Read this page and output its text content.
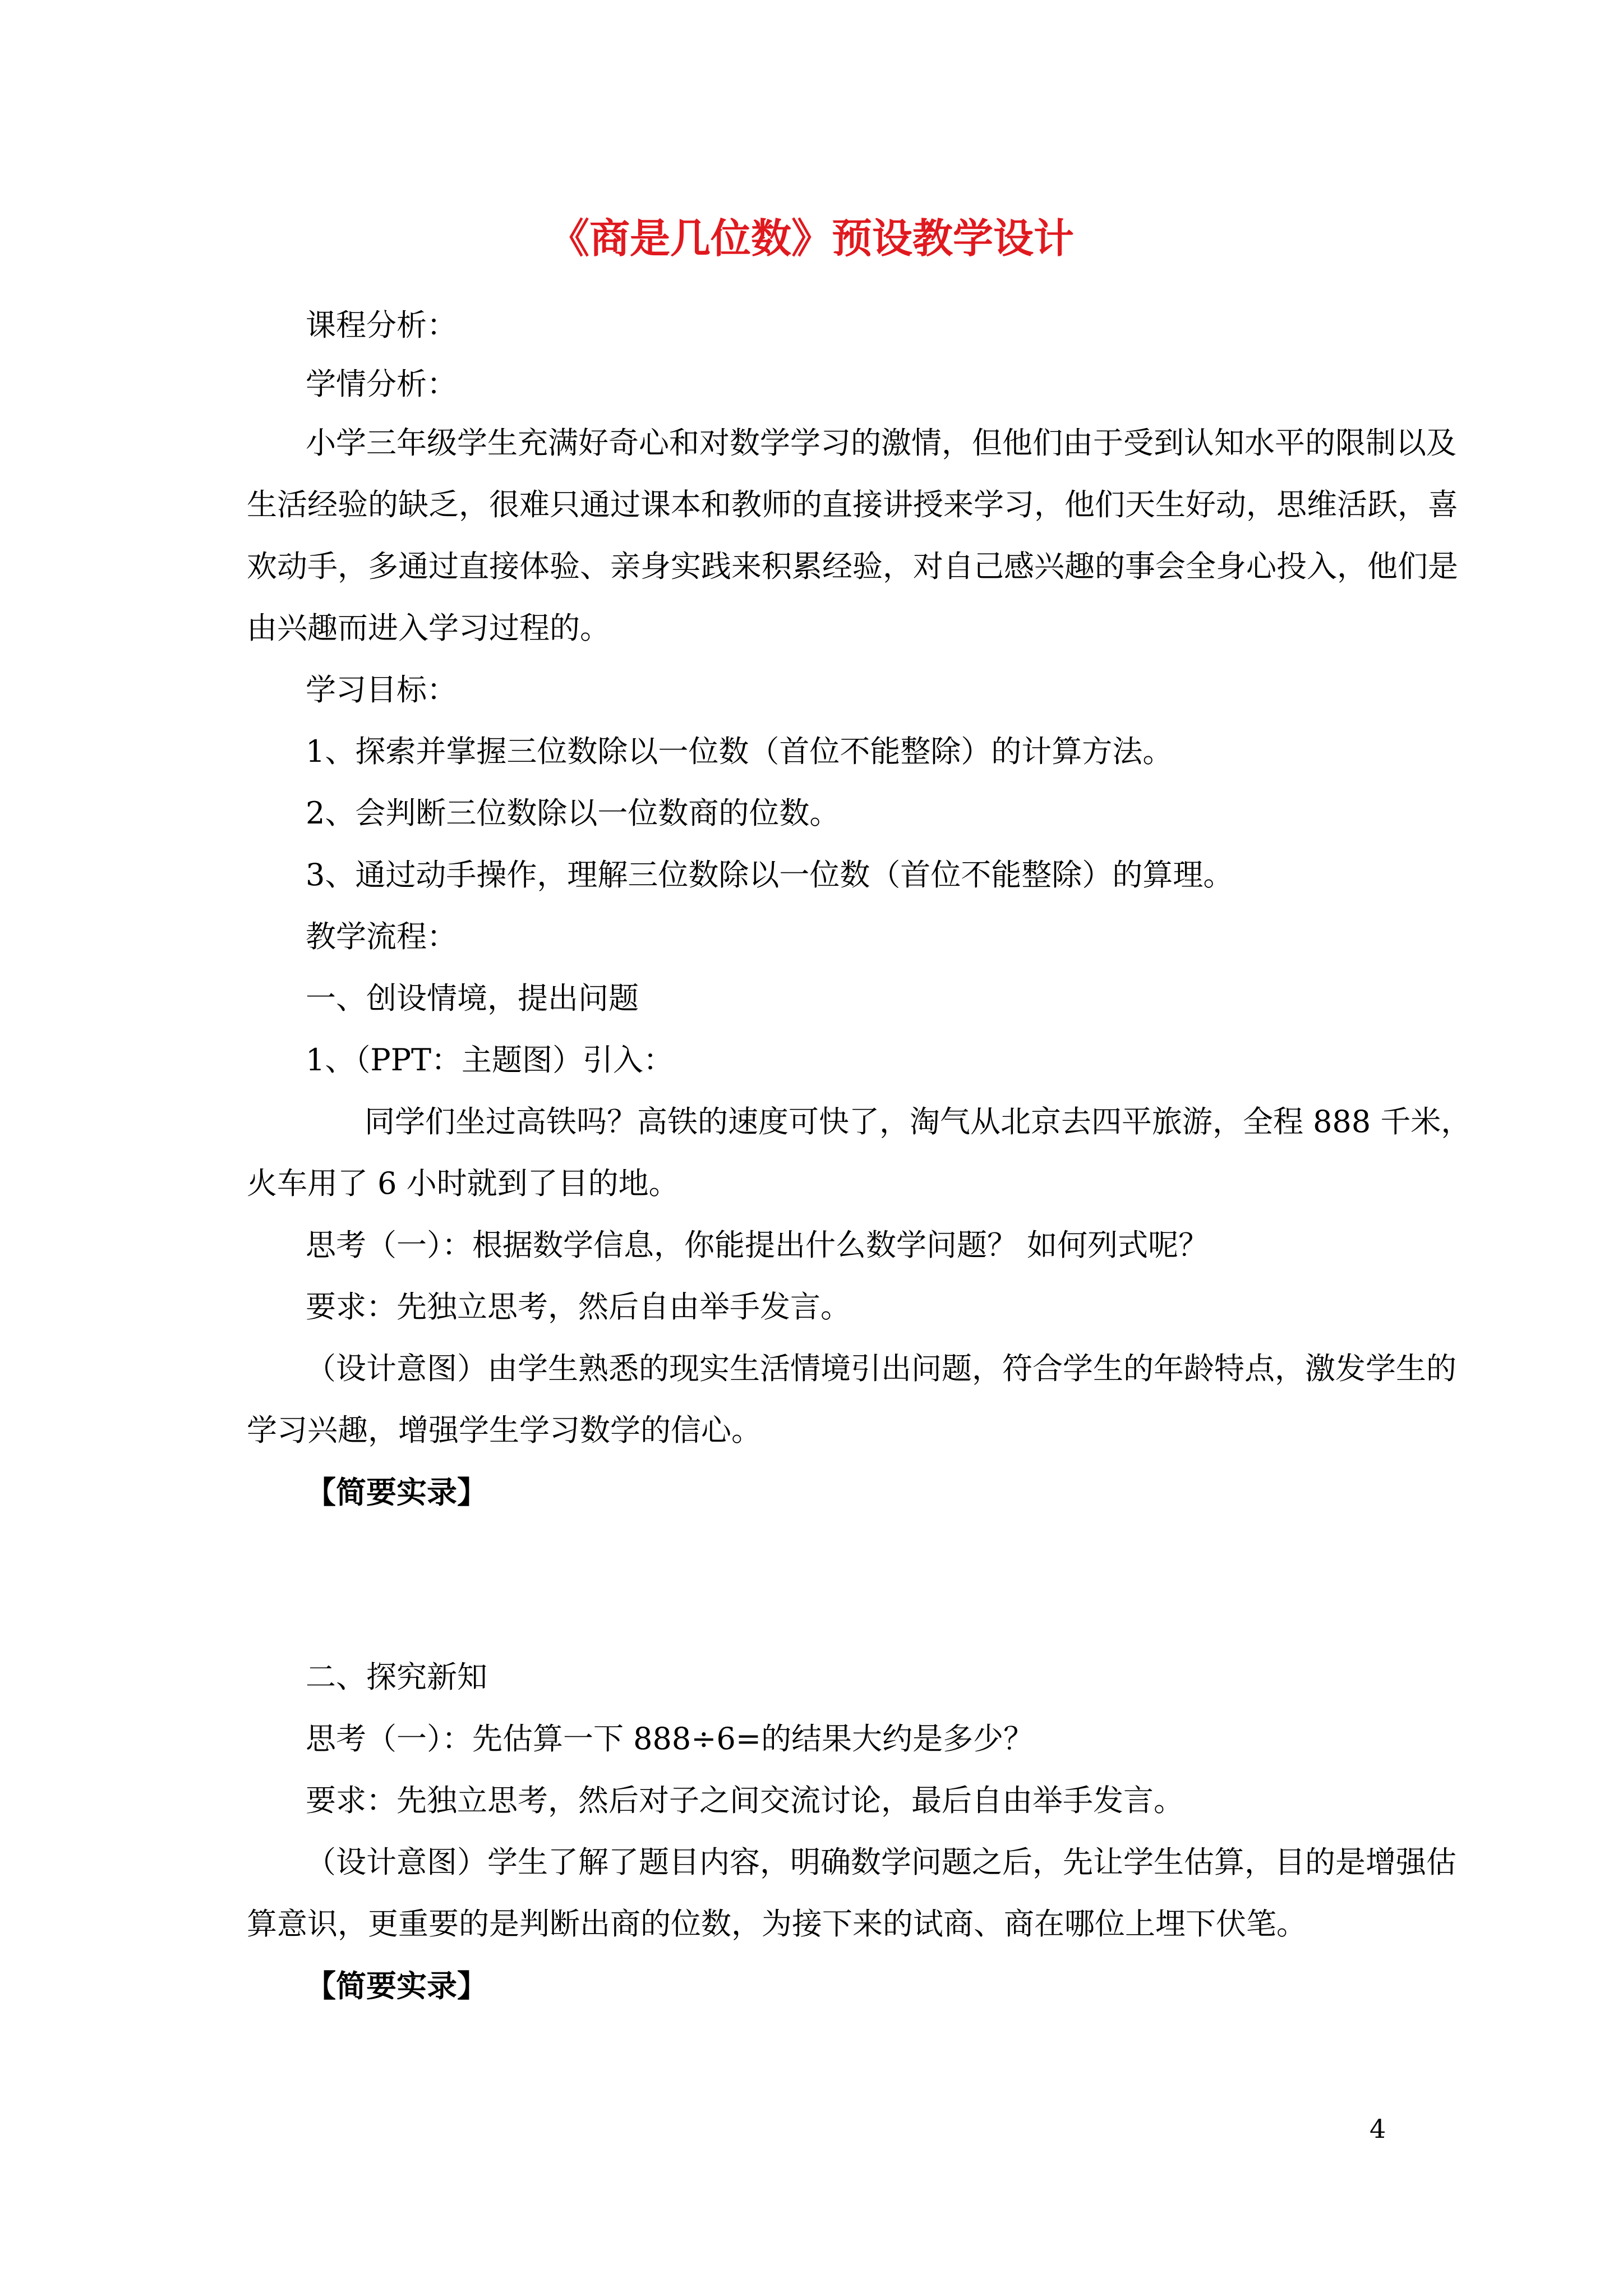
《商是几位数》预设教学设计
课程分析：
学情分析：
小学三年级学生充满好奇心和对数学学习的激情，但他们由于受到认知水平的限制以及
生活经验的缺乏，很难只通过课本和教师的直接讲授来学习，他们天生好动，思维活跃，喜
欢动手，多通过直接体验、亲身实践来积累经验，对自己感兴趣的事会全身心投入，他们是
由兴趣而进入学习过程的。
学习目标：
1、探索并掌握三位数除以一位数（首位不能整除）的计算方法。
2、会判断三位数除以一位数商的位数。
3、通过动手操作，理解三位数除以一位数（首位不能整除）的算理。
教学流程：
一、创设情境，提出问题
1、（PPT：主题图）引入：
同学们坐过高铁吗？高铁的速度可快了，淘气从北京去四平旅游，全程 888 千米，
火车用了 6 小时就到了目的地。
思考（一）：根据数学信息，你能提出什么数学问题？ 如何列式呢？
要求：先独立思考，然后自由举手发言。
（设计意图）由学生熟悉的现实生活情境引出问题，符合学生的年龄特点，激发学生的
学习兴趣，增强学生学习数学的信心。
【简要实录】
二、探究新知
思考（一）：先估算一下 888÷6=的结果大约是多少？
要求：先独立思考，然后对子之间交流讨论，最后自由举手发言。
（设计意图）学生了解了题目内容，明确数学问题之后，先让学生估算，目的是增强估
算意识，更重要的是判断出商的位数，为接下来的试商、商在哪位上埋下伏笔。
【简要实录】
4
